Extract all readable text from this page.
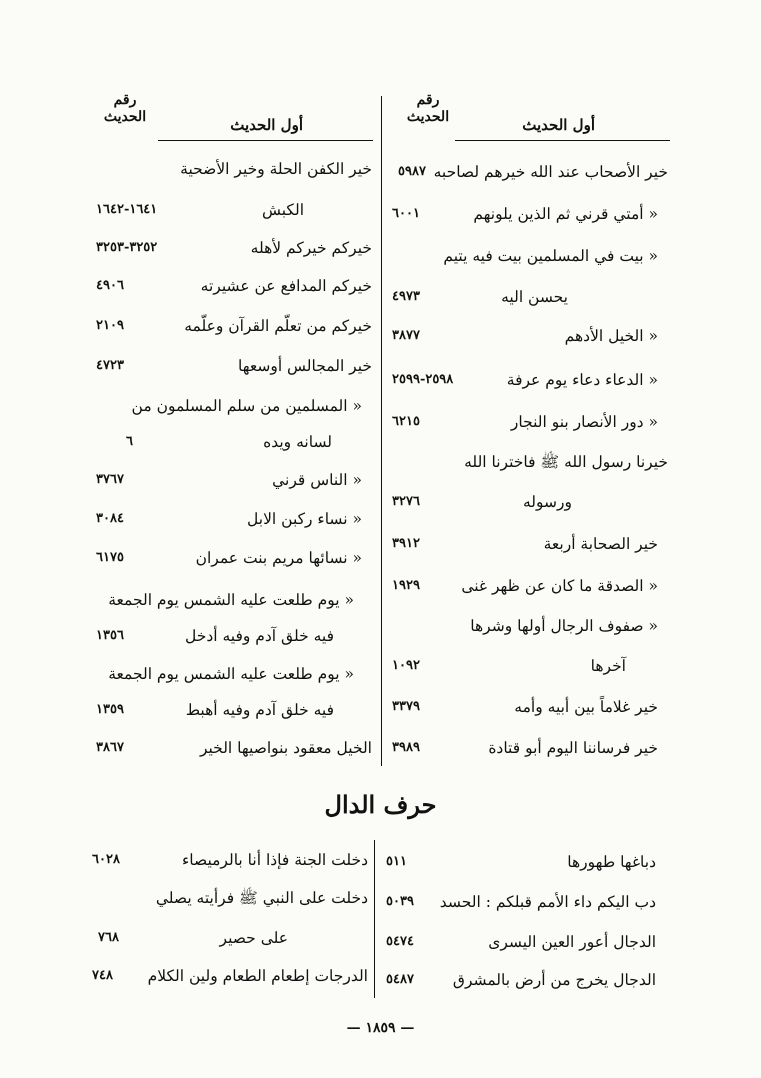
رقم
الحديث	أول الحديث
رقم
الحديث	أول الحديث
خير الأصحاب عند الله خيرهم لصاحبه
٥٩٨٧
« أمتي قرني ثم الذين يلونهم
٦٠٠١
« بيت في المسلمين بيت فيه يتيم
يحسن اليه
٤٩٧٣
« الخيل الأدهم
٣٨٧٧
« الدعاء دعاء يوم عرفة
٢٥٩٨-٢٥٩٩
« دور الأنصار بنو النجار
٦٢١٥
خيرنا رسول الله ﷺ فاخترنا الله
ورسوله
٣٢٧٦
خير الصحابة أربعة
٣٩١٢
« الصدقة ما كان عن ظهر غنى
١٩٢٩
« صفوف الرجال أولها وشرها
آخرها
١٠٩٢
خير غلاماً بين أبيه وأمه
٣٣٧٩
خير فرساننا اليوم أبو قتادة
٣٩٨٩
خير الكفن الحلة وخير الأضحية
الكبش
١٦٤١-١٦٤٢
خيركم خيركم لأهله
٣٢٥٢-٣٢٥٣
خيركم المدافع عن عشيرته
٤٩٠٦
خيركم من تعلّم القرآن وعلّمه
٢١٠٩
خير المجالس أوسعها
٤٧٢٣
« المسلمين من سلم المسلمون من
لسانه ويده
٦
« الناس قرني
٣٧٦٧
« نساء ركبن الابل
٣٠٨٤
« نسائها مريم بنت عمران
٦١٧٥
« يوم طلعت عليه الشمس يوم الجمعة
فيه خلق آدم وفيه أدخل
١٣٥٦
« يوم طلعت عليه الشمس يوم الجمعة
فيه خلق آدم وفيه أهبط
١٣٥٩
الخيل معقود بنواصيها الخير
٣٨٦٧
حرف الدال
دباغها طهورها
٥١١
دب اليكم داء الأمم قبلكم : الحسد
٥٠٣٩
الدجال أعور العين اليسرى
٥٤٧٤
الدجال يخرج من أرض بالمشرق
٥٤٨٧
دخلت الجنة فإذا أنا بالرميصاء
٦٠٢٨
دخلت على النبي ﷺ فرأيته يصلي
على حصير
٧٦٨
الدرجات إطعام الطعام ولين الكلام
٧٤٨
— ١٨٥٩ —
